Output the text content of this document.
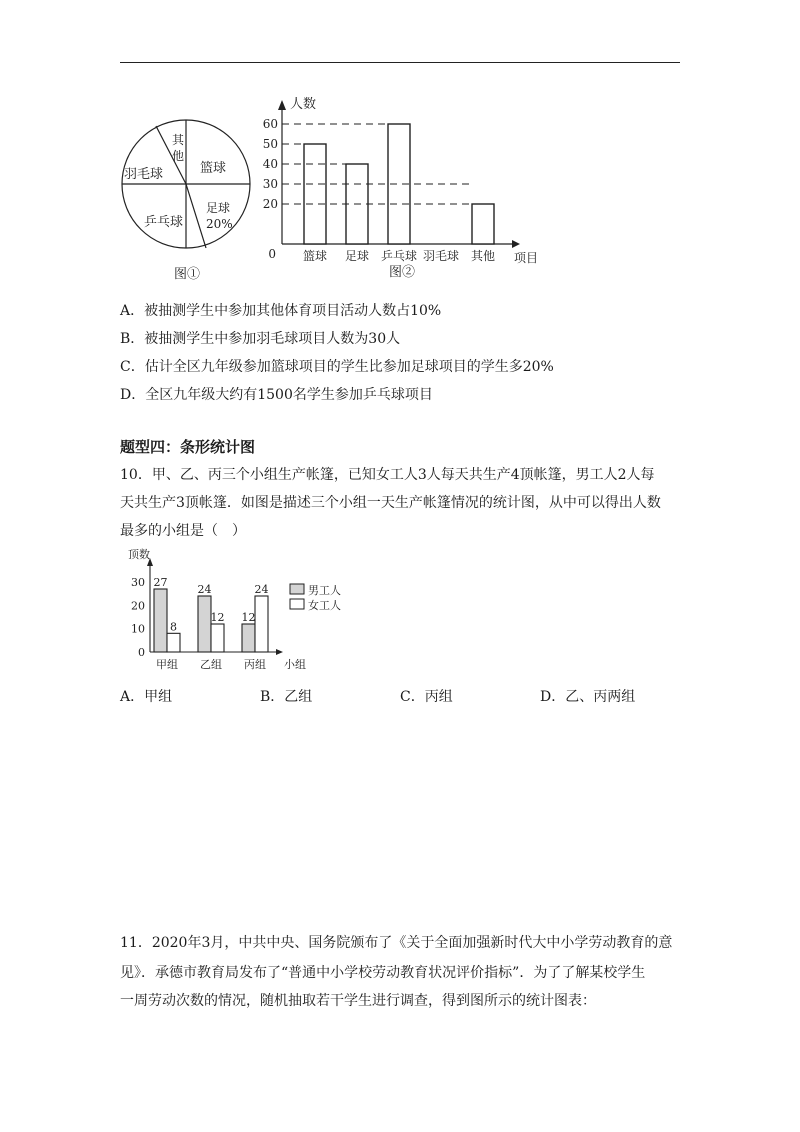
其
他
篮球
羽毛球
足球
20%
乒乓球
图①
人数
项目
0
20
30
40
50
60
篮球 足球 乒乓球 羽毛球 其他
图②
A．被抽测学生中参加其他体育项目活动人数占10%
B．被抽测学生中参加羽毛球项目人数为30人
C．估计全区九年级参加篮球项目的学生比参加足球项目的学生多20%
D．全区九年级大约有1500名学生参加乒乓球项目
题型四：条形统计图
10．甲、乙、丙三个小组生产帐篷，已知女工人3人每天共生产4顶帐篷，男工人2人每
天共生产3顶帐篷．如图是描述三个小组一天生产帐篷情况的统计图，从中可以得出人数
最多的小组是（　）
顶数
小组
0
10
20
30 27
8
甲组
24
12
乙组
12
24
丙组
男工人
女工人
A．甲组	B．乙组	C．丙组	D．乙、丙两组
11．2020年3月，中共中央、国务院颁布了《关于全面加强新时代大中小学劳动教育的意
见》．承德市教育局发布了“普通中小学校劳动教育状况评价指标”．为了了解某校学生
一周劳动次数的情况，随机抽取若干学生进行调查，得到图所示的统计图表：
